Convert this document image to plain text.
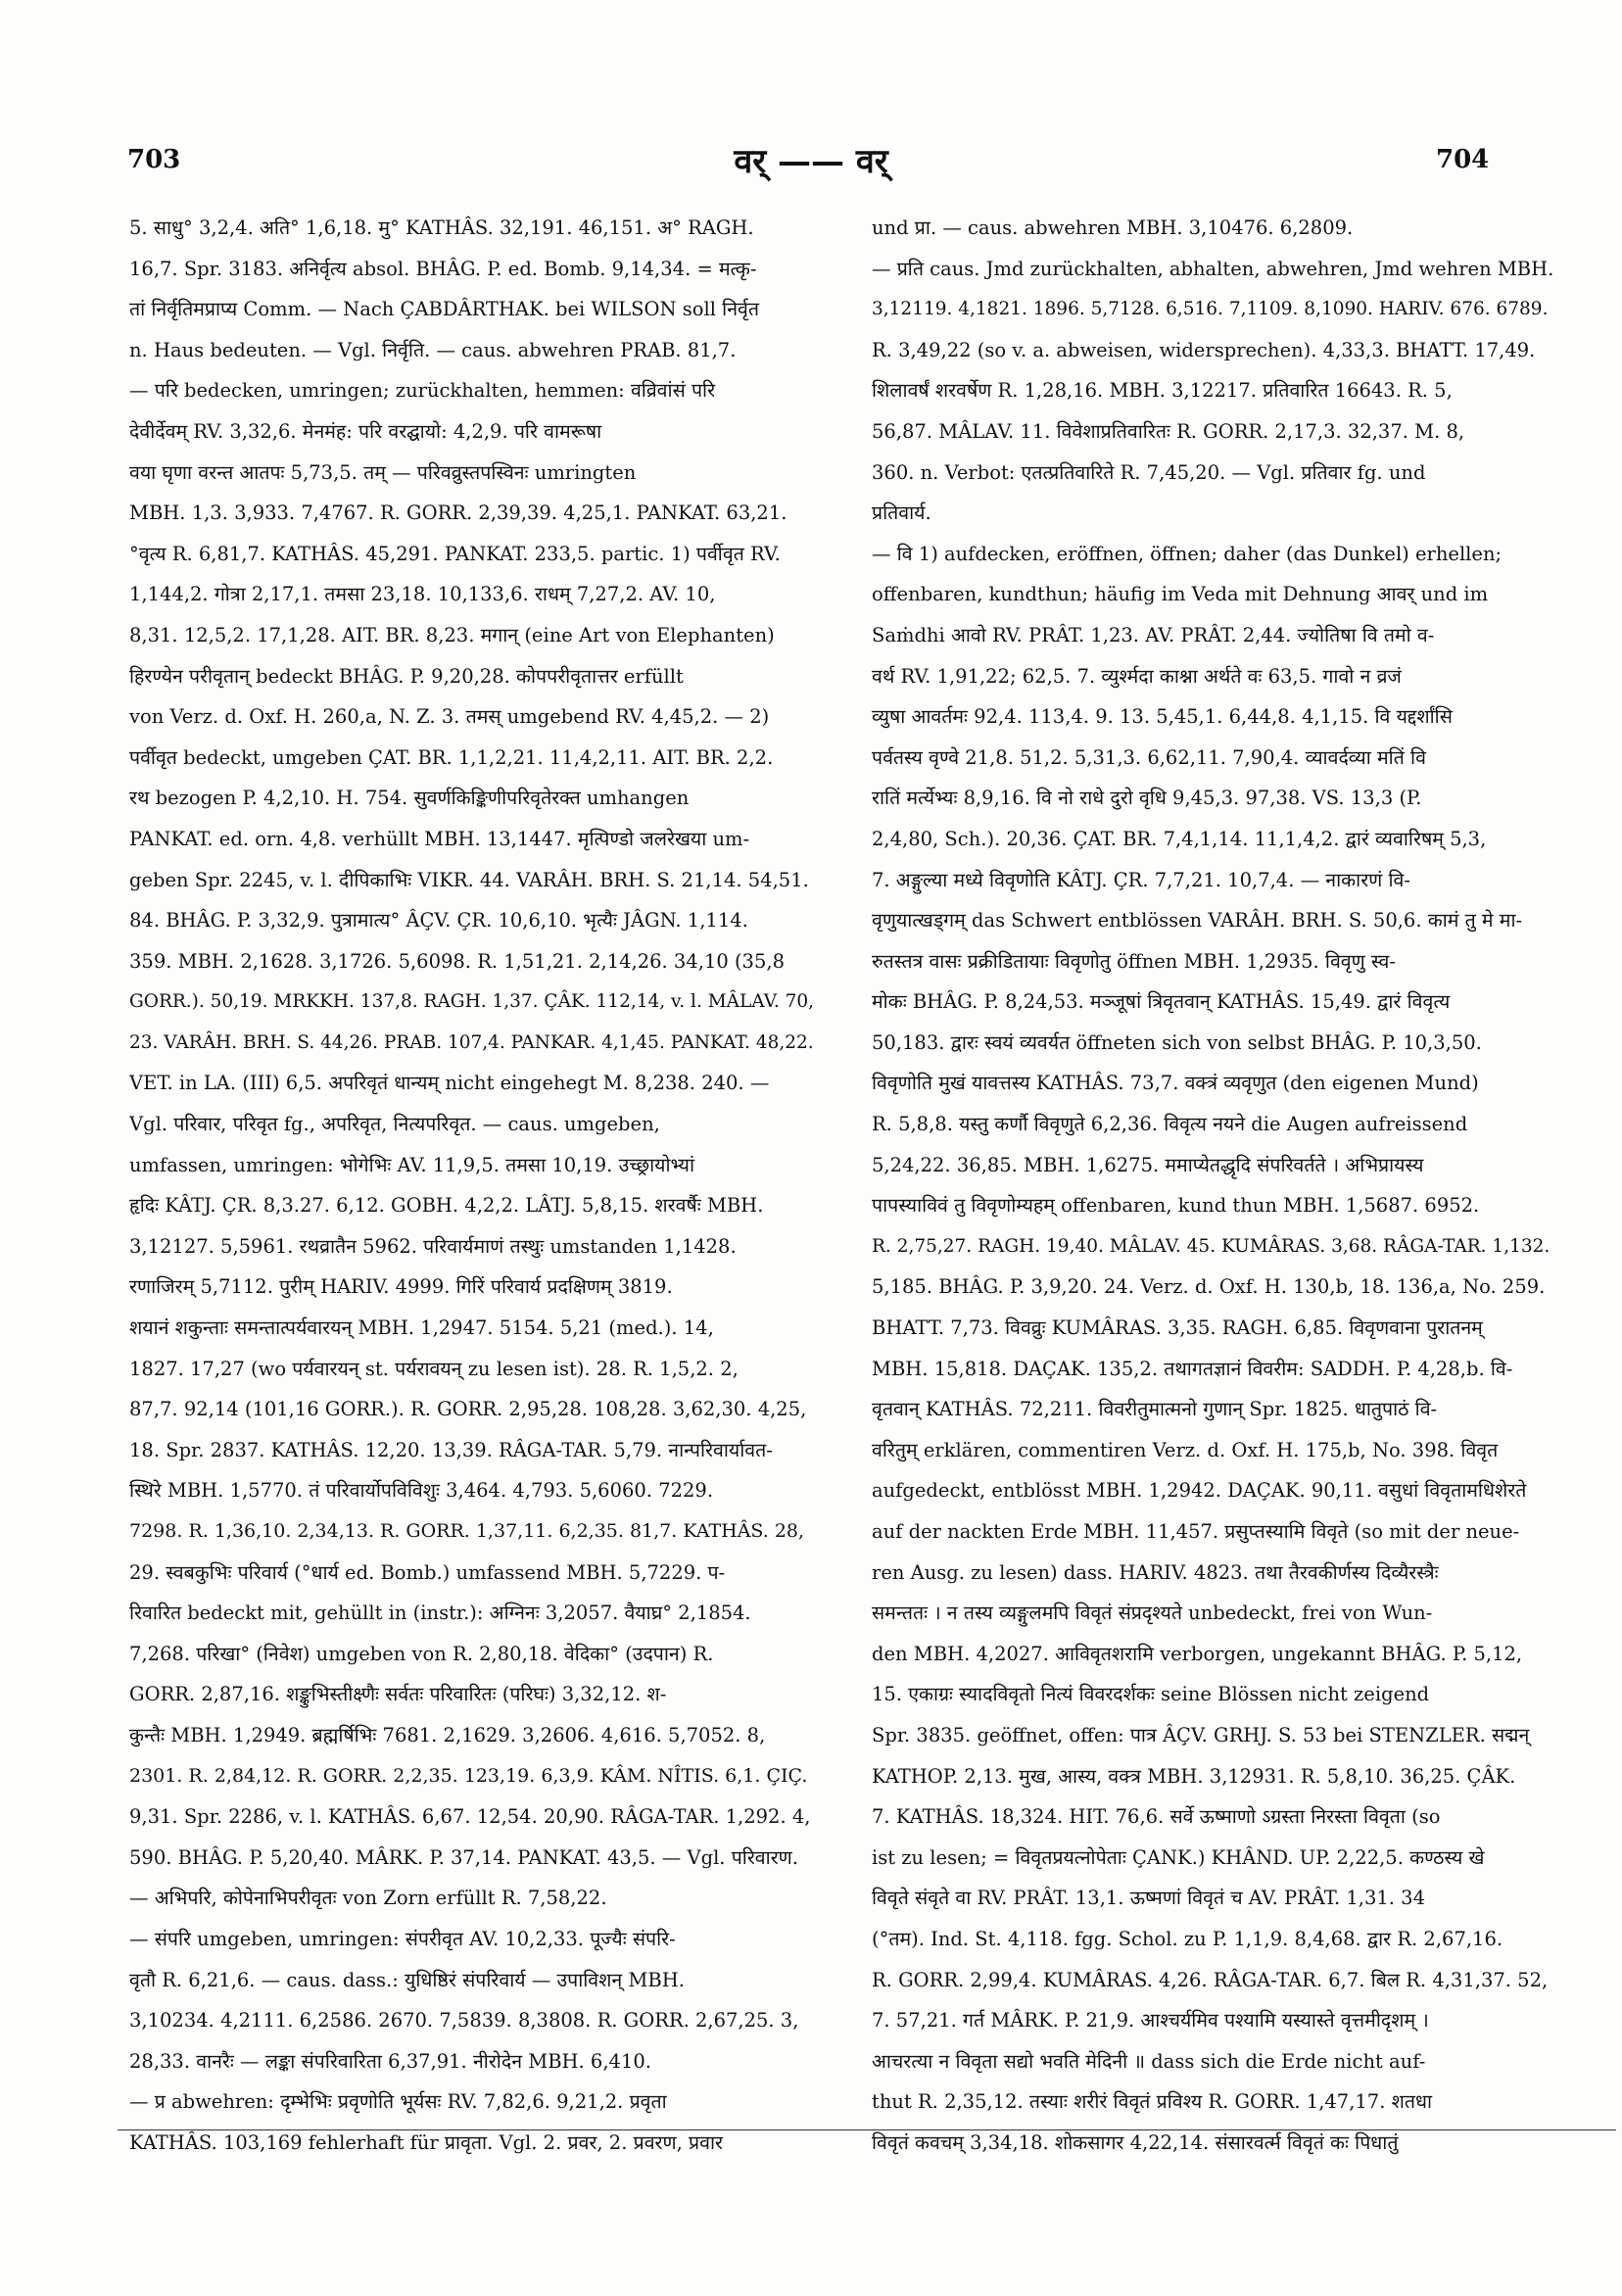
703	वर् —— वर्	704
5. साधु° 3,2,4. अति° 1,6,18. मु° KATHÂS. 32,191. 46,151. अ° RAGH.
16,7. Spr. 3183. अनिर्वृत्य absol. BHÂG. P. ed. Bomb. 9,14,34. = मत्कृ-
तां निर्वृतिमप्राप्य Comm. — Nach ÇABDÂRTHAK. bei WILSON soll निर्वृत
n. Haus bedeuten. — Vgl. निर्वृति. — caus. abwehren PRAB. 81,7.
— परि bedecken, umringen; zurückhalten, hemmen: वव्रिवांसं परि
देवीर्देवम् RV. 3,32,6. मेनमंह: परि वरद्घायो: 4,2,9. परि वामरूषा
वया घृणा वरन्त आतपः 5,73,5. तम् — परिवव्रुस्तपस्विनः umringten
MBH. 1,3. 3,933. 7,4767. R. GORR. 2,39,39. 4,25,1. PANKAT. 63,21.
°वृत्य R. 6,81,7. KATHÂS. 45,291. PANKAT. 233,5. partic. 1) पर्वीवृत RV.
1,144,2. गोत्रा 2,17,1. तमसा 23,18. 10,133,6. राधम् 7,27,2. AV. 10,
8,31. 12,5,2. 17,1,28. AIT. BR. 8,23. मगान् (eine Art von Elephanten)
हिरण्येन परीवृतान् bedeckt BHÂG. P. 9,20,28. कोपपरीवृतात्तर erfüllt
von Verz. d. Oxf. H. 260,a, N. Z. 3. तमस् umgebend RV. 4,45,2. — 2)
पर्वीवृत bedeckt, umgeben ÇAT. BR. 1,1,2,21. 11,4,2,11. AIT. BR. 2,2.
रथ bezogen P. 4,2,10. H. 754. सुवर्णकिङ्किणीपरिवृतेरक्त umhangen
PANKAT. ed. orn. 4,8. verhüllt MBH. 13,1447. मृत्पिण्डो जलरेखया um-
geben Spr. 2245, v. l. दीपिकाभिः VIKR. 44. VARÂH. BRH. S. 21,14. 54,51.
84. BHÂG. P. 3,32,9. पुत्रामात्य° ÂÇV. ÇR. 10,6,10. भृत्यैः JÂGN. 1,114.
359. MBH. 2,1628. 3,1726. 5,6098. R. 1,51,21. 2,14,26. 34,10 (35,8
GORR.). 50,19. MRKKH. 137,8. RAGH. 1,37. ÇÂK. 112,14, v. l. MÂLAV. 70,
23. VARÂH. BRH. S. 44,26. PRAB. 107,4. PANKAR. 4,1,45. PANKAT. 48,22.
VET. in LA. (III) 6,5. अपरिवृतं धान्यम् nicht eingehegt M. 8,238. 240. —
Vgl. परिवार, परिवृत fg., अपरिवृत, नित्यपरिवृत. — caus. umgeben,
umfassen, umringen: भोगेभिः AV. 11,9,5. तमसा 10,19. उच्छ्रायोभ्यां
हृदिः KÂTJ. ÇR. 8,3.27. 6,12. GOBH. 4,2,2. LÂTJ. 5,8,15. शरवर्षैः MBH.
3,12127. 5,5961. रथव्रातैन 5962. परिवार्यमाणं तस्थुः umstanden 1,1428.
रणाजिरम् 5,7112. पुरीम् HARIV. 4999. गिरिं परिवार्य प्रदक्षिणम् 3819.
शयानं शकुन्ताः समन्तात्पर्यवारयन् MBH. 1,2947. 5154. 5,21 (med.). 14,
1827. 17,27 (wo पर्यवारयन् st. पर्यरावयन् zu lesen ist). 28. R. 1,5,2. 2,
87,7. 92,14 (101,16 GORR.). R. GORR. 2,95,28. 108,28. 3,62,30. 4,25,
18. Spr. 2837. KATHÂS. 12,20. 13,39. RÂGA-TAR. 5,79. नान्परिवार्यावत-
स्थिरे MBH. 1,5770. तं परिवार्योपविविशुः 3,464. 4,793. 5,6060. 7229.
7298. R. 1,36,10. 2,34,13. R. GORR. 1,37,11. 6,2,35. 81,7. KATHÂS. 28,
29. स्वबकुभिः परिवार्य (°धार्य ed. Bomb.) umfassend MBH. 5,7229. प-
रिवारित bedeckt mit, gehüllt in (instr.): अग्निनः 3,2057. वैयाघ्र° 2,1854.
7,268. परिखा° (निवेश) umgeben von R. 2,80,18. वेदिका° (उदपान) R.
GORR. 2,87,16. शङ्कुभिस्तीक्ष्णैः सर्वतः परिवारितः (परिघः) 3,32,12. श-
कुन्तैः MBH. 1,2949. ब्रह्मर्षिभिः 7681. 2,1629. 3,2606. 4,616. 5,7052. 8,
2301. R. 2,84,12. R. GORR. 2,2,35. 123,19. 6,3,9. KÂM. NÎTIS. 6,1. ÇIÇ.
9,31. Spr. 2286, v. l. KATHÂS. 6,67. 12,54. 20,90. RÂGA-TAR. 1,292. 4,
590. BHÂG. P. 5,20,40. MÂRK. P. 37,14. PANKAT. 43,5. — Vgl. परिवारण.
— अभिपरि, कोपेनाभिपरीवृतः von Zorn erfüllt R. 7,58,22.
— संपरि umgeben, umringen: संपरीवृत AV. 10,2,33. पूज्यैः संपरि-
वृतौ R. 6,21,6. — caus. dass.: युधिष्ठिरं संपरिवार्य — उपाविशन् MBH.
3,10234. 4,2111. 6,2586. 2670. 7,5839. 8,3808. R. GORR. 2,67,25. 3,
28,33. वानरैः — लङ्का संपरिवारिता 6,37,91. नीरोदेन MBH. 6,410.
— प्र abwehren: दृम्भेभिः प्रवृणोति भूर्यसः RV. 7,82,6. 9,21,2. प्रवृता
KATHÂS. 103,169 fehlerhaft für प्रावृता. Vgl. 2. प्रवर, 2. प्रवरण, प्रवार
und प्रा. — caus. abwehren MBH. 3,10476. 6,2809.
— प्रति caus. Jmd zurückhalten, abhalten, abwehren, Jmd wehren MBH.
3,12119. 4,1821. 1896. 5,7128. 6,516. 7,1109. 8,1090. HARIV. 676. 6789.
R. 3,49,22 (so v. a. abweisen, widersprechen). 4,33,3. BHATT. 17,49.
शिलावर्षं शरवर्षेण R. 1,28,16. MBH. 3,12217. प्रतिवारित 16643. R. 5,
56,87. MÂLAV. 11. विवेशाप्रतिवारितः R. GORR. 2,17,3. 32,37. M. 8,
360. n. Verbot: एतत्प्रतिवारिते R. 7,45,20. — Vgl. प्रतिवार fg. und
प्रतिवार्य.
— वि 1) aufdecken, eröffnen, öffnen; daher (das Dunkel) erhellen;
offenbaren, kundthun; häufig im Veda mit Dehnung आवर् und im
Saṁdhi आवो RV. PRÂT. 1,23. AV. PRÂT. 2,44. ज्योतिषा वि तमो व-
वर्थ RV. 1,91,22; 62,5. 7. व्युर्श्मदा काश्ना अर्थते वः 63,5. गावो न व्रजं
व्युषा आवर्तमः 92,4. 113,4. 9. 13. 5,45,1. 6,44,8. 4,1,15. वि यद्दर्शांसि
पर्वतस्य वृण्वे 21,8. 51,2. 5,31,3. 6,62,11. 7,90,4. व्यावर्दव्या मतिं वि
रातिं मर्त्येभ्यः 8,9,16. वि नो राधे दुरो वृधि 9,45,3. 97,38. VS. 13,3 (P.
2,4,80, Sch.). 20,36. ÇAT. BR. 7,4,1,14. 11,1,4,2. द्वारं व्यवारिषम् 5,3,
7. अङ्गुल्या मध्ये विवृणोति KÂTJ. ÇR. 7,7,21. 10,7,4. — नाकारणं वि-
वृणुयात्खड्गम् das Schwert entblössen VARÂH. BRH. S. 50,6. कामं तु मे मा-
रुतस्तत्र वासः प्रक्रीडितायाः विवृणोतु öffnen MBH. 1,2935. विवृणु स्व-
मोकः BHÂG. P. 8,24,53. मञ्जूषां त्रिवृतवान् KATHÂS. 15,49. द्वारं विवृत्य
50,183. द्वारः स्वयं व्यवर्यत öffneten sich von selbst BHÂG. P. 10,3,50.
विवृणोति मुखं यावत्तस्य KATHÂS. 73,7. वक्त्रं व्यवृणुत (den eigenen Mund)
R. 5,8,8. यस्तु कर्णौ विवृणुते 6,2,36. विवृत्य नयने die Augen aufreissend
5,24,22. 36,85. MBH. 1,6275. ममाप्येतद्धृदि संपरिवर्तते । अभिप्रायस्य
पापस्याविवं तु विवृणोम्यहम् offenbaren, kund thun MBH. 1,5687. 6952.
R. 2,75,27. RAGH. 19,40. MÂLAV. 45. KUMÂRAS. 3,68. RÂGA-TAR. 1,132.
5,185. BHÂG. P. 3,9,20. 24. Verz. d. Oxf. H. 130,b, 18. 136,a, No. 259.
BHATT. 7,73. विवव्रुः KUMÂRAS. 3,35. RAGH. 6,85. विवृणवाना पुरातनम्
MBH. 15,818. DAÇAK. 135,2. तथागतज्ञानं विवरीम: SADDH. P. 4,28,b. वि-
वृतवान् KATHÂS. 72,211. विवरीतुमात्मनो गुणान् Spr. 1825. धातुपाठं वि-
वरितुम् erklären, commentiren Verz. d. Oxf. H. 175,b, No. 398. विवृत
aufgedeckt, entblösst MBH. 1,2942. DAÇAK. 90,11. वसुधां विवृतामधिशेरते
auf der nackten Erde MBH. 11,457. प्रसुप्तस्यामि विवृते (so mit der neue-
ren Ausg. zu lesen) dass. HARIV. 4823. तथा तैरवकीर्णस्य दिव्यैरस्त्रैः
समन्ततः । न तस्य व्यङ्गुलमपि विवृतं संप्रदृश्यते unbedeckt, frei von Wun-
den MBH. 4,2027. आविवृतशरामि verborgen, ungekannt BHÂG. P. 5,12,
15. एकाग्रः स्यादविवृतो नित्यं विवरदर्शकः seine Blössen nicht zeigend
Spr. 3835. geöffnet, offen: पात्र ÂÇV. GRHJ. S. 53 bei STENZLER. सद्मन्
KATHOP. 2,13. मुख, आस्य, वक्त्र MBH. 3,12931. R. 5,8,10. 36,25. ÇÂK.
7. KATHÂS. 18,324. HIT. 76,6. सर्वे ऊष्माणो ऽग्रस्ता निरस्ता विवृता (so
ist zu lesen; = विवृतप्रयत्नोपेताः ÇANK.) KHÂND. UP. 2,22,5. कण्ठस्य खे
विवृते संवृते वा RV. PRÂT. 13,1. ऊष्मणां विवृतं च AV. PRÂT. 1,31. 34
(°तम). Ind. St. 4,118. fgg. Schol. zu P. 1,1,9. 8,4,68. द्वार R. 2,67,16.
R. GORR. 2,99,4. KUMÂRAS. 4,26. RÂGA-TAR. 6,7. बिल R. 4,31,37. 52,
7. 57,21. गर्त MÂRK. P. 21,9. आश्चर्यमिव पश्यामि यस्यास्ते वृत्तमीदृशम् ।
आचरत्या न विवृता सद्यो भवति मेदिनी ॥ dass sich die Erde nicht auf-
thut R. 2,35,12. तस्याः शरीरं विवृतं प्रविश्य R. GORR. 1,47,17. शतधा
विवृतं कवचम् 3,34,18. शोकसागर 4,22,14. संसारवर्त्म विवृतं कः पिधातुं
